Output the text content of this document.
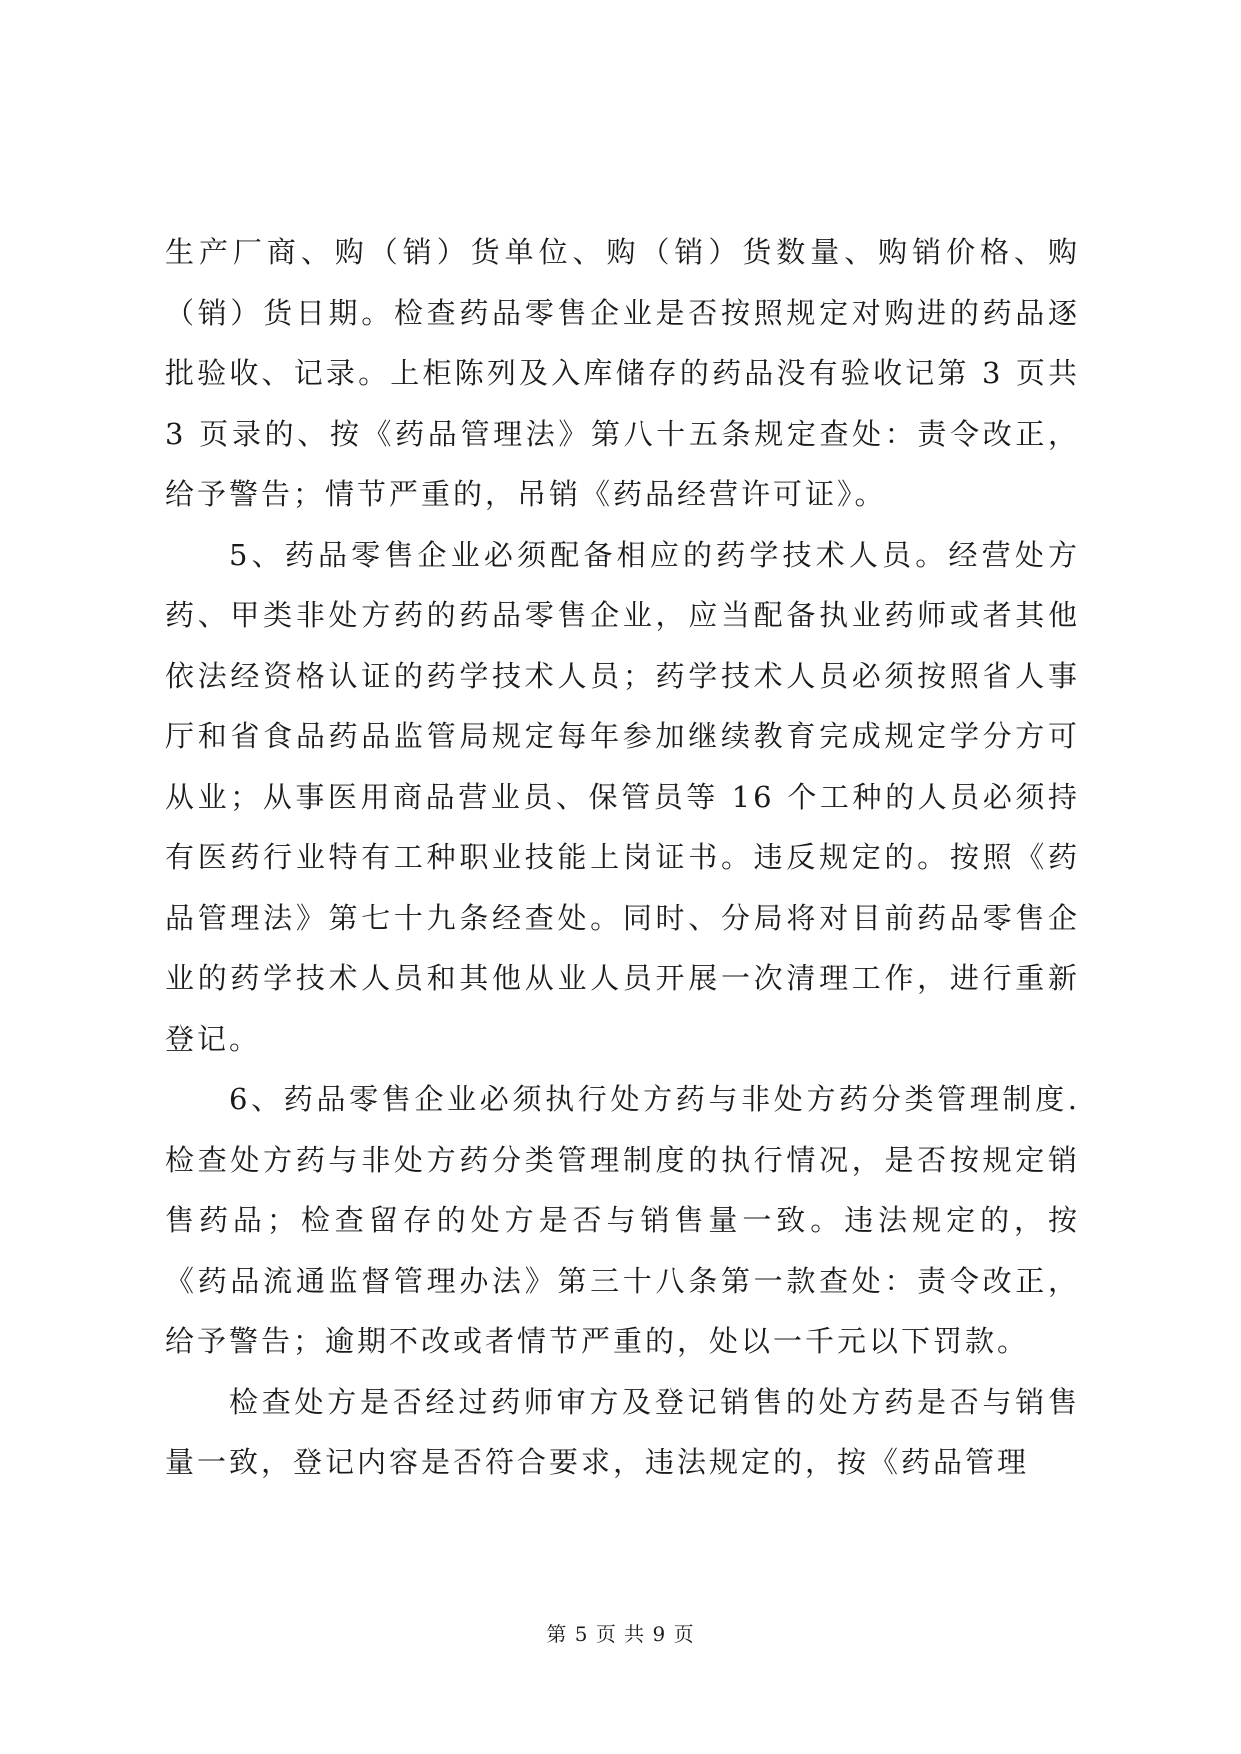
生产厂商、购（销）货单位、购（销）货数量、购销价格、购（销）货日期。检查药品零售企业是否按照规定对购进的药品逐批验收、记录。上柜陈列及入库储存的药品没有验收记第 3 页共 3 页录的、按《药品管理法》第八十五条规定查处：责令改正，给予警告；情节严重的，吊销《药品经营许可证》。

5、药品零售企业必须配备相应的药学技术人员。经营处方药、甲类非处方药的药品零售企业，应当配备执业药师或者其他依法经资格认证的药学技术人员；药学技术人员必须按照省人事厅和省食品药品监管局规定每年参加继续教育完成规定学分方可从业；从事医用商品营业员、保管员等 16 个工种的人员必须持有医药行业特有工种职业技能上岗证书。违反规定的。按照《药品管理法》第七十九条经查处。同时、分局将对目前药品零售企业的药学技术人员和其他从业人员开展一次清理工作，进行重新登记。

6、药品零售企业必须执行处方药与非处方药分类管理制度.检查处方药与非处方药分类管理制度的执行情况，是否按规定销售药品；检查留存的处方是否与销售量一致。违法规定的，按《药品流通监督管理办法》第三十八条第一款查处：责令改正，给予警告；逾期不改或者情节严重的，处以一千元以下罚款。

检查处方是否经过药师审方及登记销售的处方药是否与销售量一致，登记内容是否符合要求，违法规定的，按《药品管理

第 5 页 共 9 页
